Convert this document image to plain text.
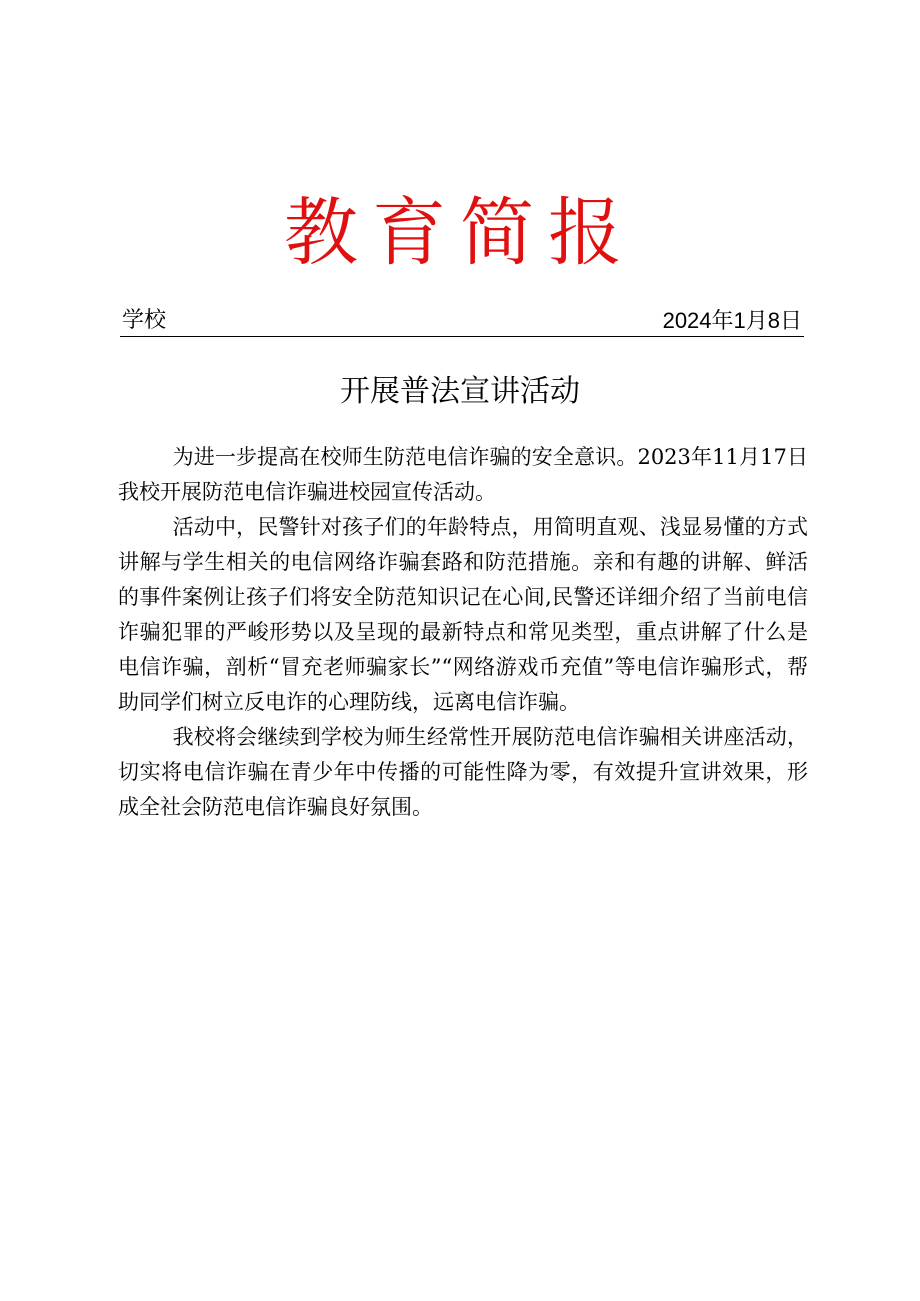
教育简报
学校	2024年1月8日
开展普法宣讲活动

为进一步提高在校师生防范电信诈骗的安全意识。2023年11月17日我校开展防范电信诈骗进校园宣传活动。

活动中，民警针对孩子们的年龄特点，用简明直观、浅显易懂的方式讲解与学生相关的电信网络诈骗套路和防范措施。亲和有趣的讲解、鲜活的事件案例让孩子们将安全防范知识记在心间,民警还详细介绍了当前电信诈骗犯罪的严峻形势以及呈现的最新特点和常见类型，重点讲解了什么是电信诈骗，剖析“冒充老师骗家长”“网络游戏币充值”等电信诈骗形式，帮助同学们树立反电诈的心理防线，远离电信诈骗。

我校将会继续到学校为师生经常性开展防范电信诈骗相关讲座活动，切实将电信诈骗在青少年中传播的可能性降为零，有效提升宣讲效果，形成全社会防范电信诈骗良好氛围。
